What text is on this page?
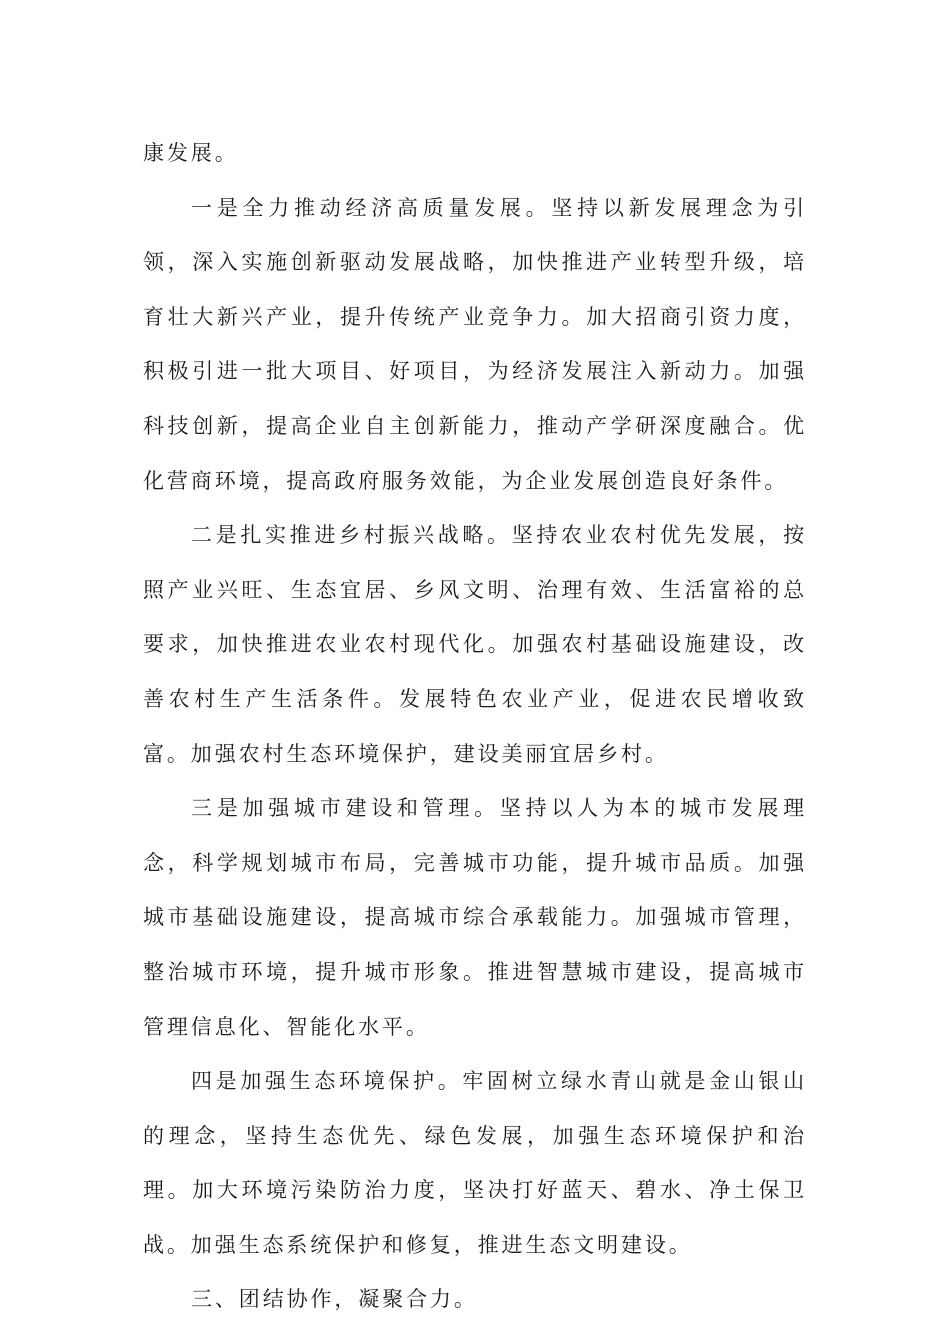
康发展。

一是全力推动经济高质量发展。坚持以新发展理念为引领，深入实施创新驱动发展战略，加快推进产业转型升级，培育壮大新兴产业，提升传统产业竞争力。加大招商引资力度，积极引进一批大项目、好项目，为经济发展注入新动力。加强科技创新，提高企业自主创新能力，推动产学研深度融合。优化营商环境，提高政府服务效能，为企业发展创造良好条件。

二是扎实推进乡村振兴战略。坚持农业农村优先发展，按照产业兴旺、生态宜居、乡风文明、治理有效、生活富裕的总要求，加快推进农业农村现代化。加强农村基础设施建设，改善农村生产生活条件。发展特色农业产业，促进农民增收致富。加强农村生态环境保护，建设美丽宜居乡村。

三是加强城市建设和管理。坚持以人为本的城市发展理念，科学规划城市布局，完善城市功能，提升城市品质。加强城市基础设施建设，提高城市综合承载能力。加强城市管理，整治城市环境，提升城市形象。推进智慧城市建设，提高城市管理信息化、智能化水平。

四是加强生态环境保护。牢固树立绿水青山就是金山银山的理念，坚持生态优先、绿色发展，加强生态环境保护和治理。加大环境污染防治力度，坚决打好蓝天、碧水、净土保卫战。加强生态系统保护和修复，推进生态文明建设。

三、团结协作，凝聚合力。
